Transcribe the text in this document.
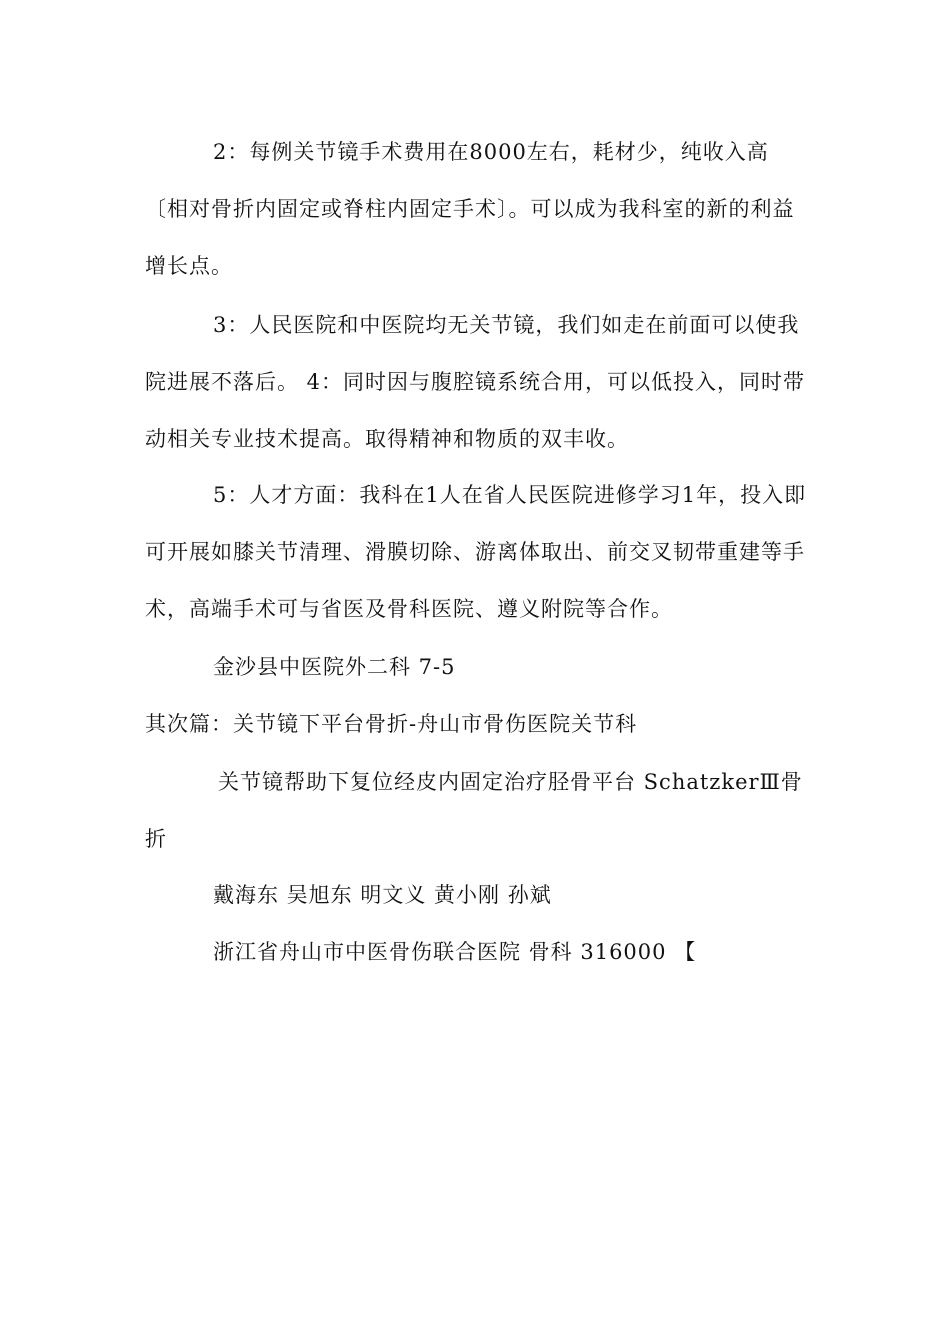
2：每例关节镜手术费用在8000左右，耗材少，纯收入高〔相对骨折内固定或脊柱内固定手术〕。可以成为我科室的新的利益增长点。

3：人民医院和中医院均无关节镜，我们如走在前面可以使我院进展不落后。 4：同时因与腹腔镜系统合用，可以低投入，同时带动相关专业技术提高。取得精神和物质的双丰收。

5：人才方面：我科在1人在省人民医院进修学习1年，投入即可开展如膝关节清理、滑膜切除、游离体取出、前交叉韧带重建等手术，高端手术可与省医及骨科医院、遵义附院等合作。

金沙县中医院外二科 7-5

其次篇：关节镜下平台骨折-舟山市骨伤医院关节科

关节镜帮助下复位经皮内固定治疗胫骨平台 SchatzkerⅢ骨折

戴海东 吴旭东 明文义 黄小刚 孙斌

浙江省舟山市中医骨伤联合医院 骨科 316000 【
